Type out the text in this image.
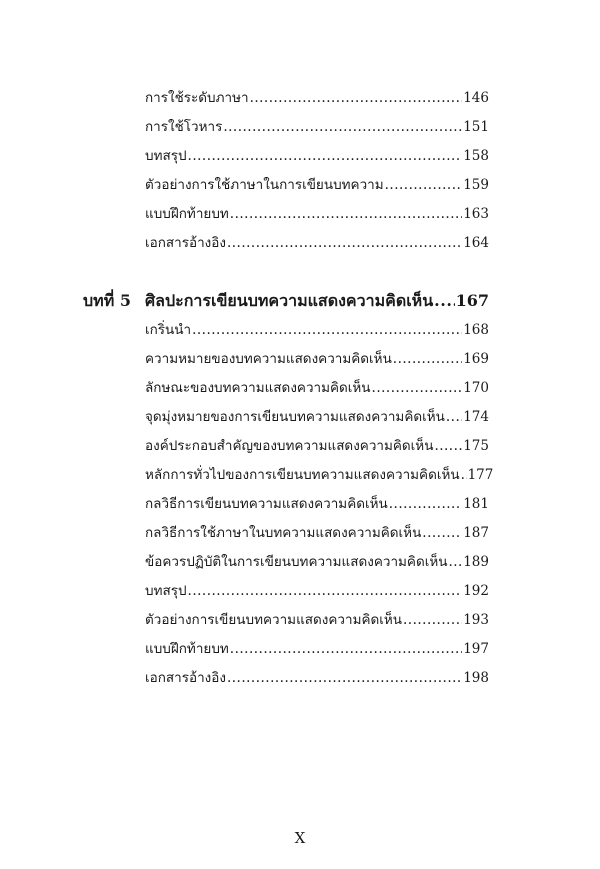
การใช้ระดับภาษา .....	146
การใช้โวหาร .....	151
บทสรุป .....	158
ตัวอย่างการใช้ภาษาในการเขียนบทความ .....	159
แบบฝึกท้ายบท .....	163
เอกสารอ้างอิง .....	164
บทที่ 5 ศิลปะการเขียนบทความแสดงความคิดเห็น ..... 167
เกริ่นนำ .....	168
ความหมายของบทความแสดงความคิดเห็น .....	169
ลักษณะของบทความแสดงความคิดเห็น .....	170
จุดมุ่งหมายของการเขียนบทความแสดงความคิดเห็น ..... 174
องค์ประกอบสำคัญของบทความแสดงความคิดเห็น ..... 175
หลักการทั่วไปของการเขียนบทความแสดงความคิดเห็น ..... 177
กลวิธีการเขียนบทความแสดงความคิดเห็น .....	181
กลวิธีการใช้ภาษาในบทความแสดงความคิดเห็น .....	187
ข้อควรปฏิบัติในการเขียนบทความแสดงความคิดเห็น ..... 189
บทสรุป .....	192
ตัวอย่างการเขียนบทความแสดงความคิดเห็น .....	193
แบบฝึกท้ายบท .....	197
เอกสารอ้างอิง .....	198
X
